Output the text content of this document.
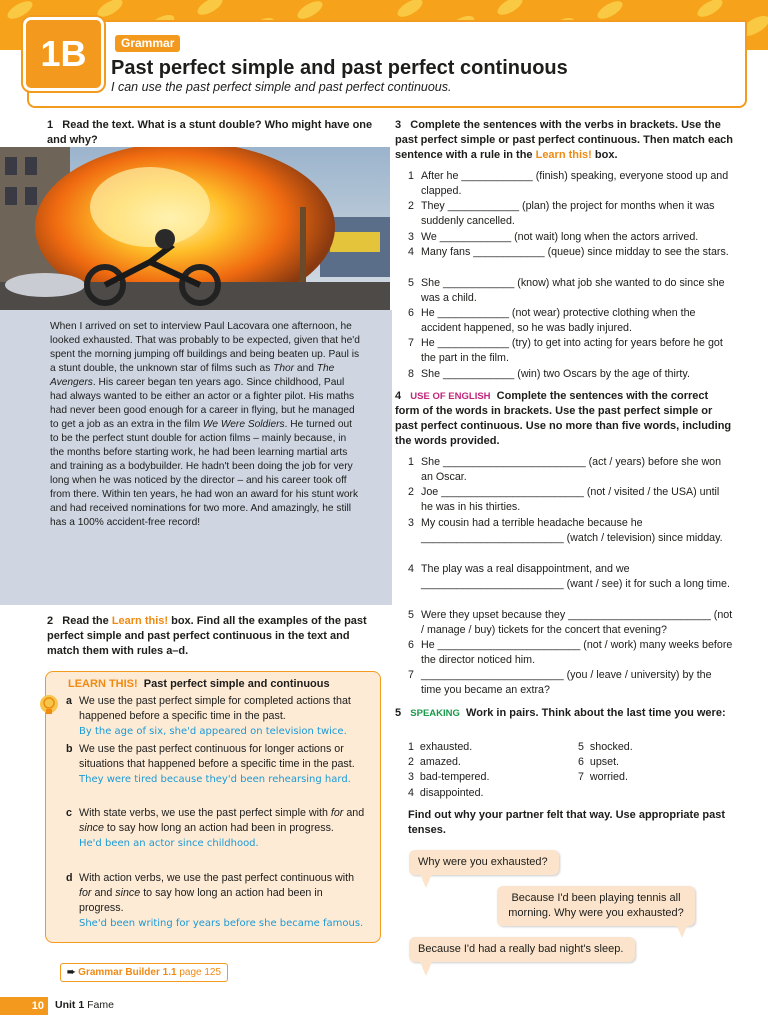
1B	Grammar
Past perfect simple and past perfect continuous
I can use the past perfect simple and past perfect continuous.
1 Read the text. What is a stunt double? Who might have one and why?
When I arrived on set to interview Paul Lacovara one afternoon, he looked exhausted. That was probably to be expected, given that he'd spent the morning jumping off buildings and being beaten up. Paul is a stunt double, the unknown star of films such as Thor and The Avengers. His career began ten years ago. Since childhood, Paul had always wanted to be either an actor or a fighter pilot. His maths had never been good enough for a career in flying, but he managed to get a job as an extra in the film We Were Soldiers. He turned out to be the perfect stunt double for action films – mainly because, in the months before starting work, he had been learning martial arts and training as a bodybuilder. He hadn't been doing the job for very long when he was noticed by the director – and his career took off from there. Within ten years, he had won an award for his stunt work and had received nominations for two more. And amazingly, he still has a 100% accident-free record!
2 Read the Learn this! box. Find all the examples of the past perfect simple and past perfect continuous in the text and match them with rules a–d.
LEARN THIS! Past perfect simple and continuous
a We use the past perfect simple for completed actions that happened before a specific time in the past.
By the age of six, she'd appeared on television twice.
b We use the past perfect continuous for longer actions or situations that happened before a specific time in the past.
They were tired because they'd been rehearsing hard.
c With state verbs, we use the past perfect simple with for and since to say how long an action had been in progress.
He'd been an actor since childhood.
d With action verbs, we use the past perfect continuous with for and since to say how long an action had been in progress.
She'd been writing for years before she became famous.
➨ Grammar Builder 1.1 page 125
10	Unit 1 Fame
3 Complete the sentences with the verbs in brackets. Use the past perfect simple or past perfect continuous. Then match each sentence with a rule in the Learn this! box.
1 After he ____________ (finish) speaking, everyone stood up and clapped.
2 They ____________ (plan) the project for months when it was suddenly cancelled.
3 We ____________ (not wait) long when the actors arrived.
4 Many fans ____________ (queue) since midday to see the stars.
5 She ____________ (know) what job she wanted to do since she was a child.
6 He ____________ (not wear) protective clothing when the accident happened, so he was badly injured.
7 He ____________ (try) to get into acting for years before he got the part in the film.
8 She ____________ (win) two Oscars by the age of thirty.
4 USE OF ENGLISH Complete the sentences with the correct form of the words in brackets. Use the past perfect simple or past perfect continuous. Use no more than five words, including the words provided.
1 She ________________________ (act / years) before she won an Oscar.
2 Joe ________________________ (not / visited / the USA) until he was in his thirties.
3 My cousin had a terrible headache because he ________________________ (watch / television) since midday.
4 The play was a real disappointment, and we ________________________ (want / see) it for such a long time.
5 Were they upset because they ________________________ (not / manage / buy) tickets for the concert that evening?
6 He ________________________ (not / work) many weeks before the director noticed him.
7 ________________________ (you / leave / university) by the time you became an extra?
5 SPEAKING Work in pairs. Think about the last time you were:
1 exhausted.
2 amazed.
3 bad-tempered.
4 disappointed.
5 shocked.
6 upset.
7 worried.
Find out why your partner felt that way. Use appropriate past tenses.
Why were you exhausted?
Because I'd been playing tennis all morning. Why were you exhausted?
Because I'd had a really bad night's sleep.
